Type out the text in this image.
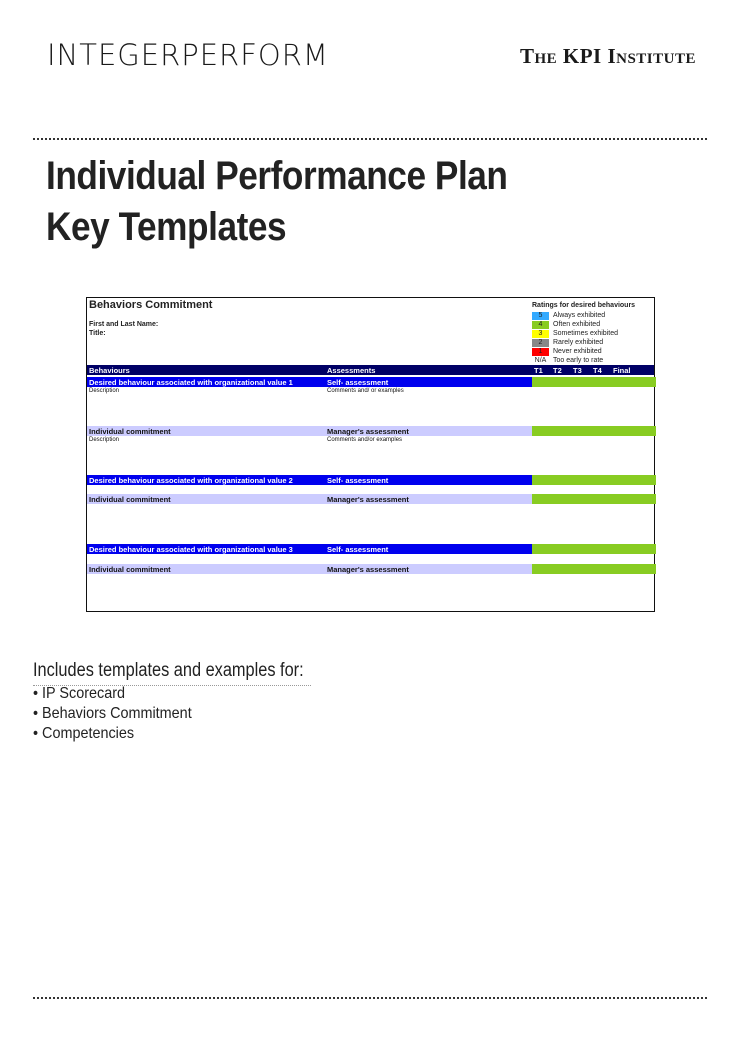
INTEGERPERFORM	The KPI Institute
Individual Performance Plan
Key Templates
Behaviors Commitment
First and Last Name:
Title:
Ratings for desired behaviours
5	Always exhibited
4	Often exhibited
3	Sometimes exhibited
2	Rarely exhibited
1	Never exhibited
N/A Too early to rate
Behaviours	Assessments	T1 T2 T3 T4 Final
Desired behaviour associated with organizational value 1	Self- assessment
Description	Comments and/ or examples
Individual commitment	Manager's assessment
Description	Comments and/or examples
Desired behaviour associated with organizational value 2	Self- assessment
Individual commitment	Manager's assessment
Desired behaviour associated with organizational value 3	Self- assessment
Individual commitment	Manager's assessment
Includes templates and examples for:
• IP Scorecard
• Behaviors Commitment
• Competencies
